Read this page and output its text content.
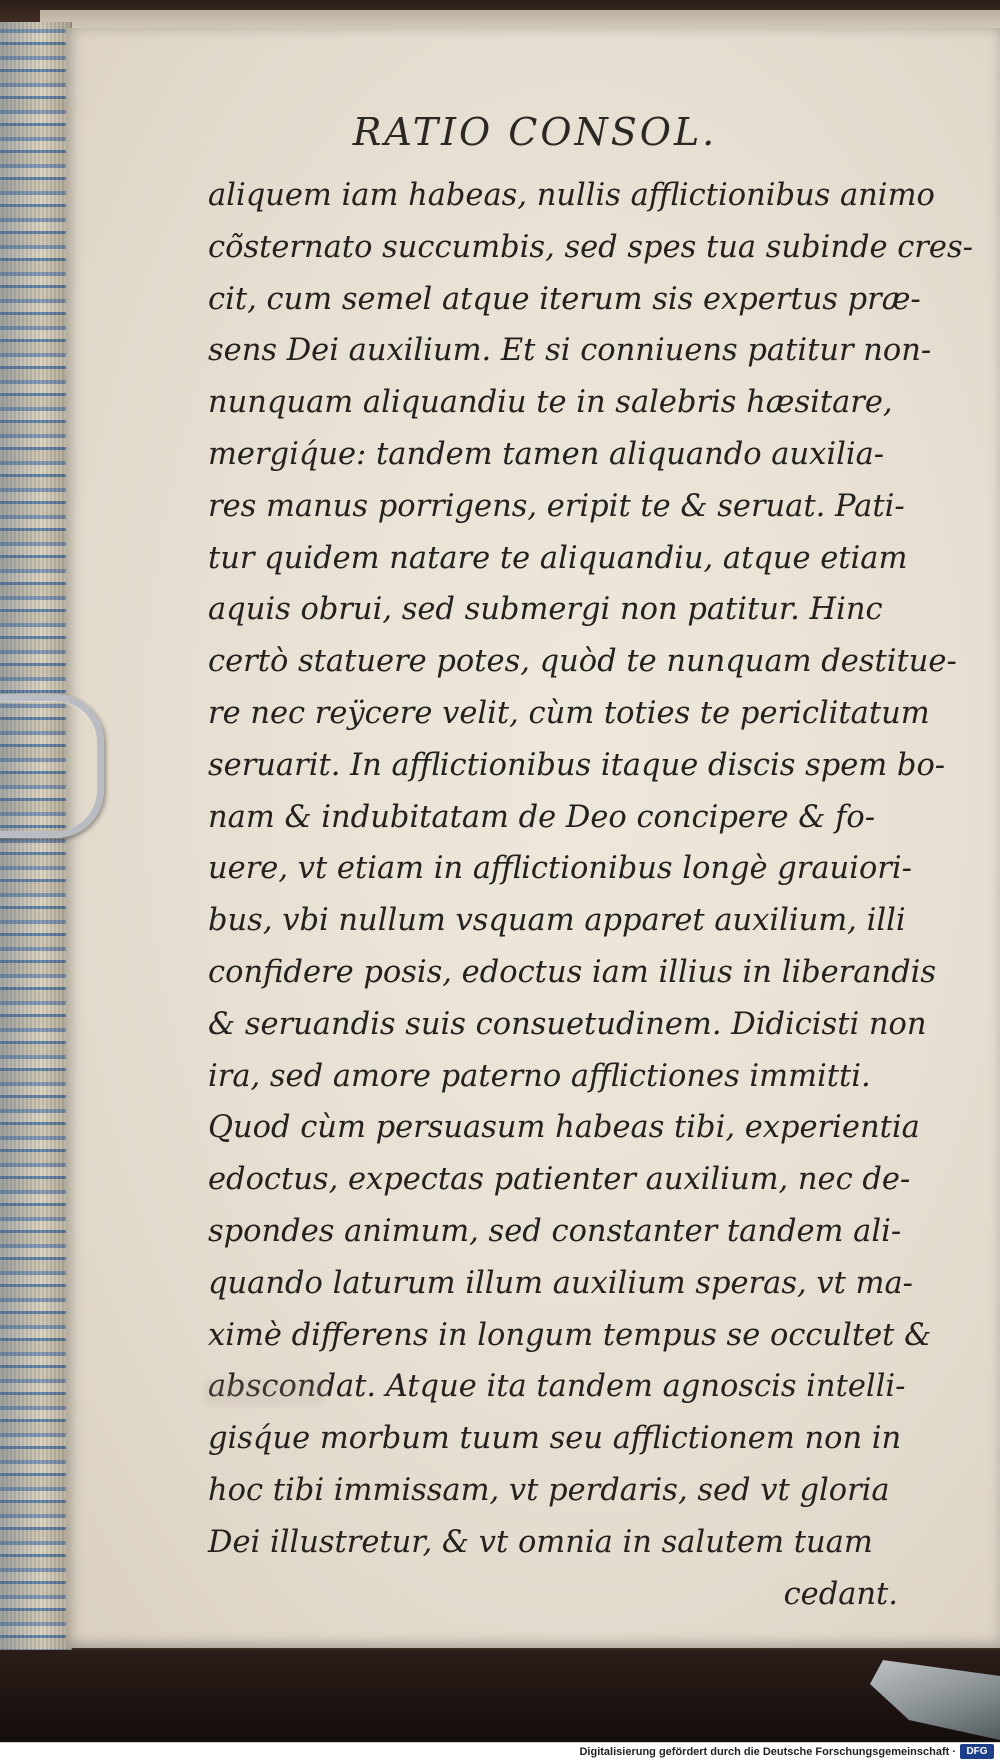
RATIO CONSOL.
aliquem iam habeas, nullis afflictionibus animo
cõsternato succumbis, sed spes tua subinde cres-
cit, cum semel atque iterum sis expertus præ-
sens Dei auxilium. Et si conniuens patitur non-
nunquam aliquandiu te in salebris hæsitare,
mergiq́ue: tandem tamen aliquando auxilia-
res manus porrigens, eripit te & seruat. Pati-
tur quidem natare te aliquandiu, atque etiam
aquis obrui, sed submergi non patitur. Hinc
certò statuere potes, quòd te nunquam destitue-
re nec reÿcere velit, cùm toties te periclitatum
seruarit. In afflictionibus itaque discis spem bo-
nam & indubitatam de Deo concipere & fo-
uere, vt etiam in afflictionibus longè grauiori-
bus, vbi nullum vsquam apparet auxilium, illi
confidere posis, edoctus iam illius in liberandis
& seruandis suis consuetudinem. Didicisti non
ira, sed amore paterno afflictiones immitti.
Quod cùm persuasum habeas tibi, experientia
edoctus, expectas patienter auxilium, nec de-
spondes animum, sed constanter tandem ali-
quando laturum illum auxilium speras, vt ma-
ximè differens in longum tempus se occultet &
abscondat. Atque ita tandem agnoscis intelli-
gisq́ue morbum tuum seu afflictionem non in
hoc tibi immissam, vt perdaris, sed vt gloria
Dei illustretur, & vt omnia in salutem tuam
cedant.
Digitalisierung gefördert durch die Deutsche Forschungsgemeinschaft ·	DFG
